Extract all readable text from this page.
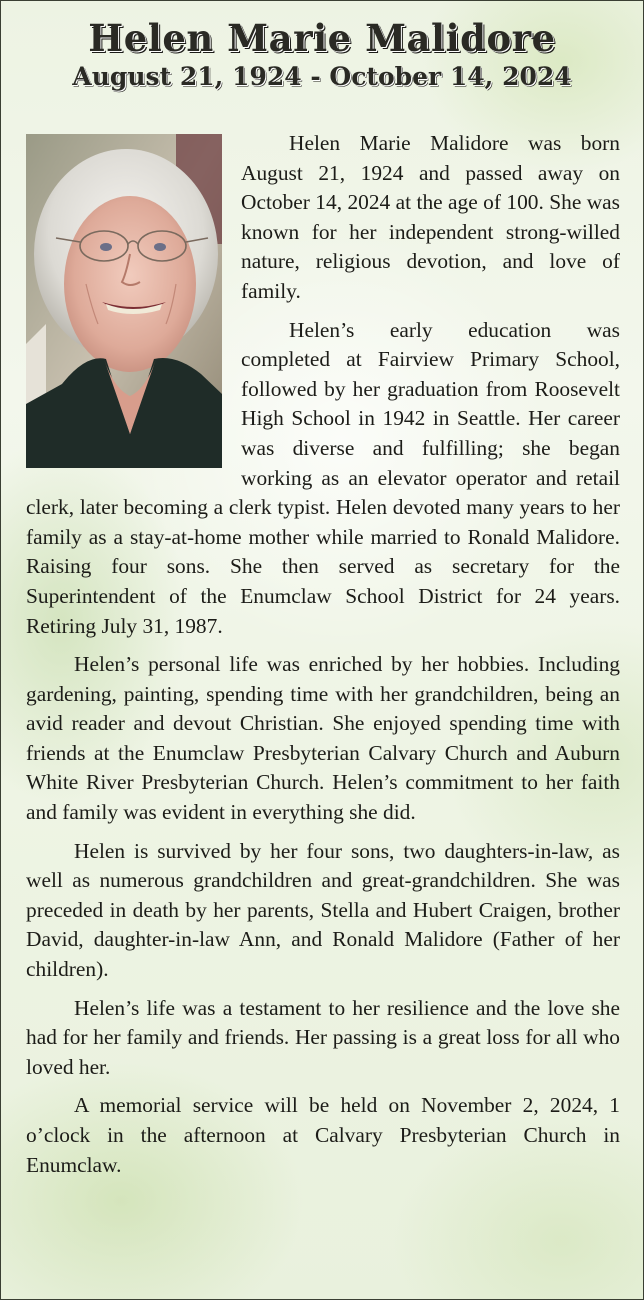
Helen Marie Malidore
August 21, 1924 - October 14, 2024

Helen Marie Malidore was born August 21, 1924 and passed away on October 14, 2024 at the age of 100. She was known for her independent strong-willed nature, religious devotion, and love of family.

Helen’s early education was completed at Fairview Primary School, followed by her graduation from Roosevelt High School in 1942 in Seattle. Her career was diverse and fulfilling; she began working as an elevator operator and retail clerk, later becoming a clerk typist. Helen devoted many years to her family as a stay-at-home mother while married to Ronald Malidore. Raising four sons. She then served as secretary for the Superintendent of the Enumclaw School District for 24 years. Retiring July 31, 1987.

Helen’s personal life was enriched by her hobbies. Including gardening, painting, spending time with her grandchildren, being an avid reader and devout Christian. She enjoyed spending time with friends at the Enumclaw Presbyterian Calvary Church and Auburn White River Presbyterian Church. Helen’s commitment to her faith and family was evident in everything she did.

Helen is survived by her four sons, two daughters-in-law, as well as numerous grandchildren and great-grandchildren. She was preceded in death by her parents, Stella and Hubert Craigen, brother David, daughter-in-law Ann, and Ronald Malidore (Father of her children).

Helen’s life was a testament to her resilience and the love she had for her family and friends. Her passing is a great loss for all who loved her.

A memorial service will be held on November 2, 2024, 1 o’clock in the afternoon at Calvary Presbyterian Church in Enumclaw.
